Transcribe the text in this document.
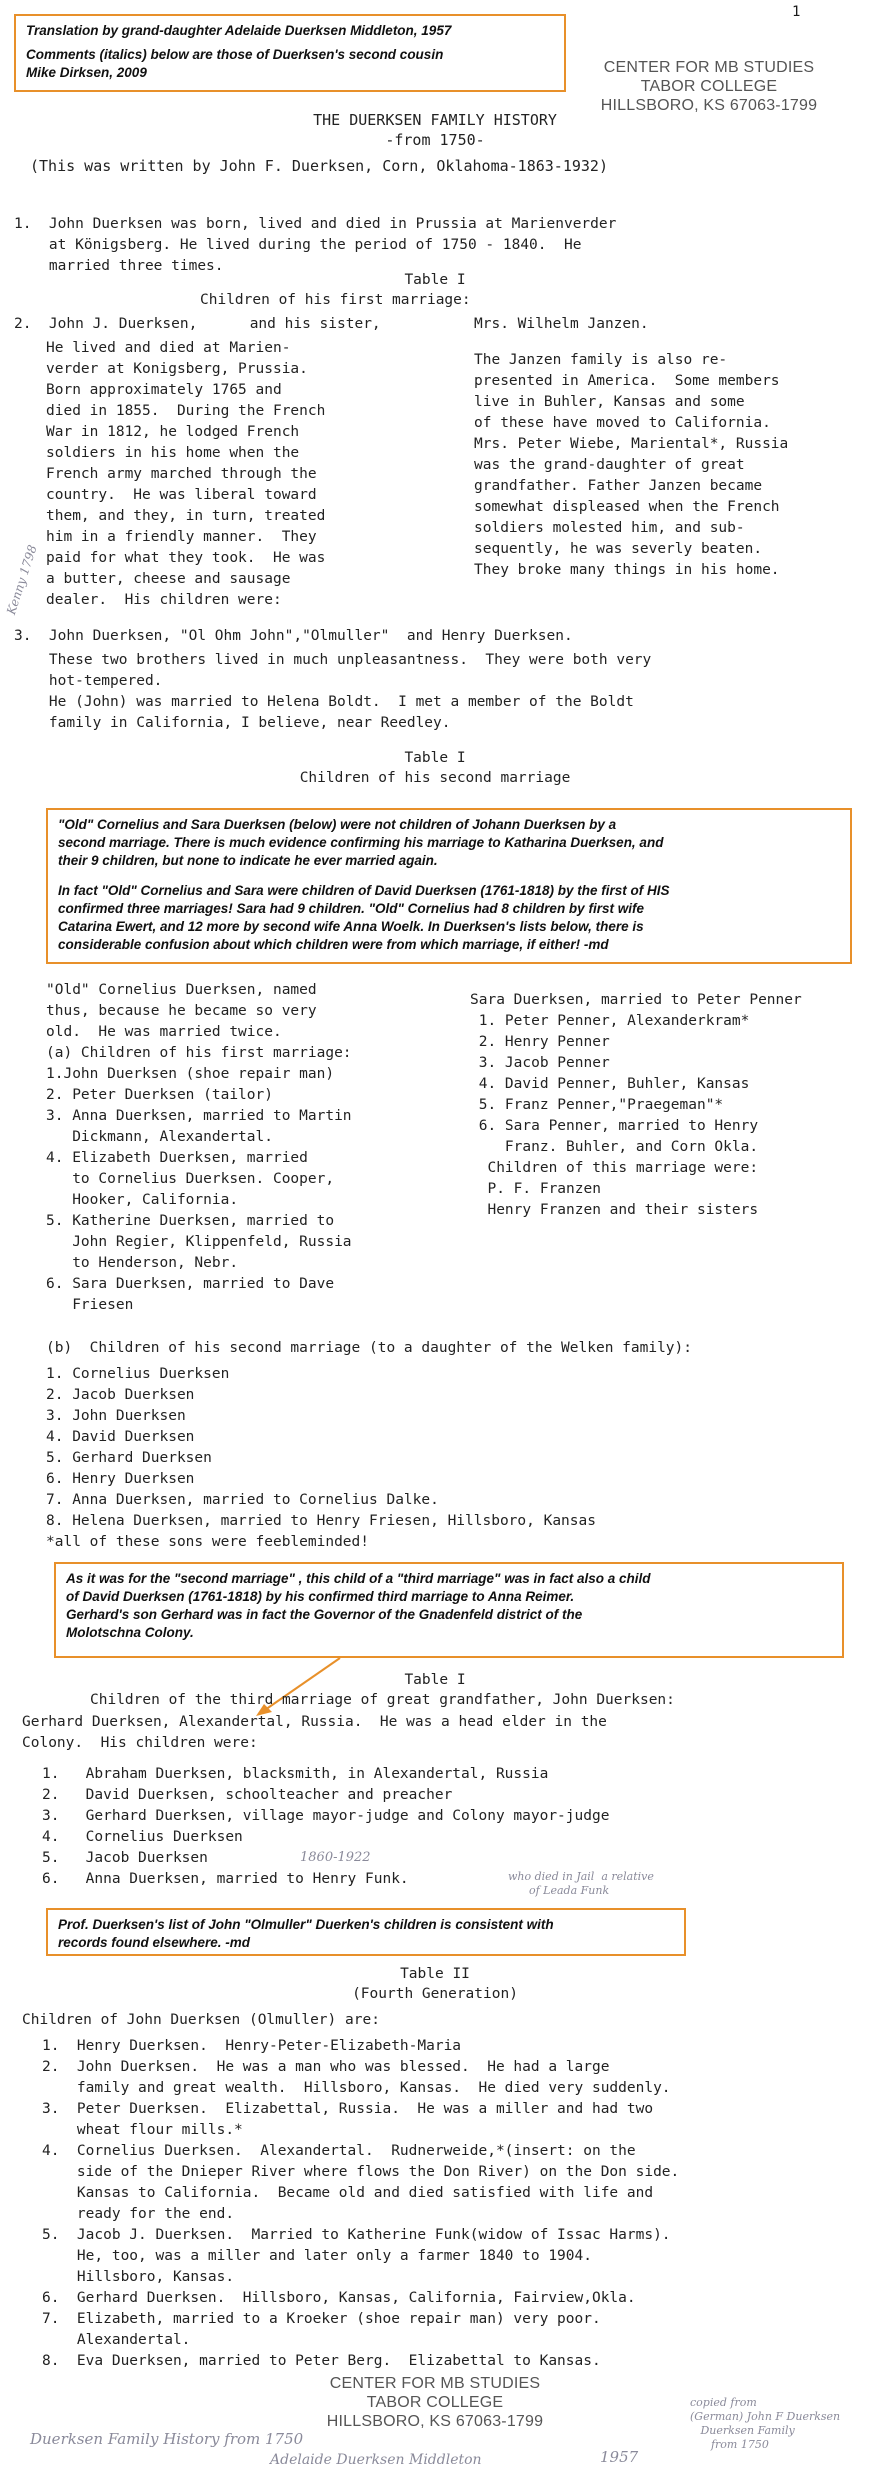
1
Translation by grand-daughter Adelaide Duerksen Middleton, 1957
Comments (italics) below are those of Duerksen's second cousin
Mike Dirksen, 2009	CENTER FOR MB STUDIES
TABOR COLLEGE
HILLSBORO, KS 67063-1799
THE DUERKSEN FAMILY HISTORY
-from 1750-
(This was written by John F. Duerksen, Corn, Oklahoma-1863-1932)
1.  John Duerksen was born, lived and died in Prussia at Marienverder
at Königsberg. He lived during the period of 1750 - 1840.  He
married three times.
Table I
Children of his first marriage:
2.  John J. Duerksen,      and his sister,	Mrs. Wilhelm Janzen.
He lived and died at Marien-
verder at Konigsberg, Prussia.
Born approximately 1765 and
died in 1855.  During the French
War in 1812, he lodged French
soldiers in his home when the
French army marched through the
country.  He was liberal toward
them, and they, in turn, treated
him in a friendly manner.  They
paid for what they took.  He was
a butter, cheese and sausage
dealer.  His children were:
The Janzen family is also re-
presented in America.  Some members
live in Buhler, Kansas and some
of these have moved to California.
Mrs. Peter Wiebe, Mariental*, Russia
was the grand-daughter of great
grandfather. Father Janzen became
somewhat displeased when the French
soldiers molested him, and sub-
sequently, he was severly beaten.
They broke many things in his home.
Kenny 1798
3.  John Duerksen, "Ol Ohm John","Olmuller"  and Henry Duerksen.
These two brothers lived in much unpleasantness.  They were both very
hot-tempered.
He (John) was married to Helena Boldt.  I met a member of the Boldt
family in California, I believe, near Reedley.
Table I
Children of his second marriage
"Old" Cornelius and Sara Duerksen (below) were not children of Johann Duerksen by a
second marriage. There is much evidence confirming his marriage to Katharina Duerksen, and
their 9 children, but none to indicate he ever married again.
In fact "Old" Cornelius and Sara were children of David Duerksen (1761-1818) by the first of HIS
confirmed three marriages! Sara had 9 children. "Old" Cornelius had 8 children by first wife
Catarina Ewert, and 12 more by second wife Anna Woelk. In Duerksen's lists below, there is
considerable confusion about which children were from which marriage, if either! -md
"Old" Cornelius Duerksen, named
thus, because he became so very
old.  He was married twice.
(a) Children of his first marriage:
1.John Duerksen (shoe repair man)
2. Peter Duerksen (tailor)
3. Anna Duerksen, married to Martin
Dickmann, Alexandertal.
4. Elizabeth Duerksen, married
to Cornelius Duerksen. Cooper,
Hooker, California.
5. Katherine Duerksen, married to
John Regier, Klippenfeld, Russia
to Henderson, Nebr.
6. Sara Duerksen, married to Dave
Friesen
Sara Duerksen, married to Peter Penner
1. Peter Penner, Alexanderkram*
2. Henry Penner
3. Jacob Penner
4. David Penner, Buhler, Kansas
5. Franz Penner,"Praegeman"*
6. Sara Penner, married to Henry
Franz. Buhler, and Corn Okla.
Children of this marriage were:
P. F. Franzen
Henry Franzen and their sisters
(b)  Children of his second marriage (to a daughter of the Welken family):
1. Cornelius Duerksen
2. Jacob Duerksen
3. John Duerksen
4. David Duerksen
5. Gerhard Duerksen
6. Henry Duerksen
7. Anna Duerksen, married to Cornelius Dalke.
8. Helena Duerksen, married to Henry Friesen, Hillsboro, Kansas
*all of these sons were feebleminded!
As it was for the "second marriage" , this child of a "third marriage" was in fact also a child
of David Duerksen (1761-1818) by his confirmed third marriage to Anna Reimer.
Gerhard's son Gerhard was in fact the Governor of the Gnadenfeld district of the
Molotschna Colony.
Table I
Children of the third marriage of great grandfather, John Duerksen:
Gerhard Duerksen, Alexandertal, Russia.  He was a head elder in the
Colony.  His children were:
1.   Abraham Duerksen, blacksmith, in Alexandertal, Russia
2.   David Duerksen, schoolteacher and preacher
3.   Gerhard Duerksen, village mayor-judge and Colony mayor-judge
4.   Cornelius Duerksen
5.   Jacob Duerksen
6.   Anna Duerksen, married to Henry Funk.
1860-1922
who died in Jail  a relative
of Leada Funk
Prof. Duerksen's list of John "Olmuller" Duerken's children is consistent with
records found elsewhere. -md
Table II
(Fourth Generation)
Children of John Duerksen (Olmuller) are:
1.  Henry Duerksen.  Henry-Peter-Elizabeth-Maria
2.  John Duerksen.  He was a man who was blessed.  He had a large
family and great wealth.  Hillsboro, Kansas.  He died very suddenly.
3.  Peter Duerksen.  Elizabettal, Russia.  He was a miller and had two
wheat flour mills.*
4.  Cornelius Duerksen.  Alexandertal.  Rudnerweide,*(insert: on the
side of the Dnieper River where flows the Don River) on the Don side.
Kansas to California.  Became old and died satisfied with life and
ready for the end.
5.  Jacob J. Duerksen.  Married to Katherine Funk(widow of Issac Harms).
He, too, was a miller and later only a farmer 1840 to 1904.
Hillsboro, Kansas.
6.  Gerhard Duerksen.  Hillsboro, Kansas, California, Fairview,Okla.
7.  Elizabeth, married to a Kroeker (shoe repair man) very poor.
Alexandertal.
8.  Eva Duerksen, married to Peter Berg.  Elizabettal to Kansas.
CENTER FOR MB STUDIES
TABOR COLLEGE
HILLSBORO, KS 67063-1799
Duerksen Family History from 1750
Adelaide Duerksen Middleton	1957
copied from
(German) John F Duerksen
Duerksen Family
from 1750
